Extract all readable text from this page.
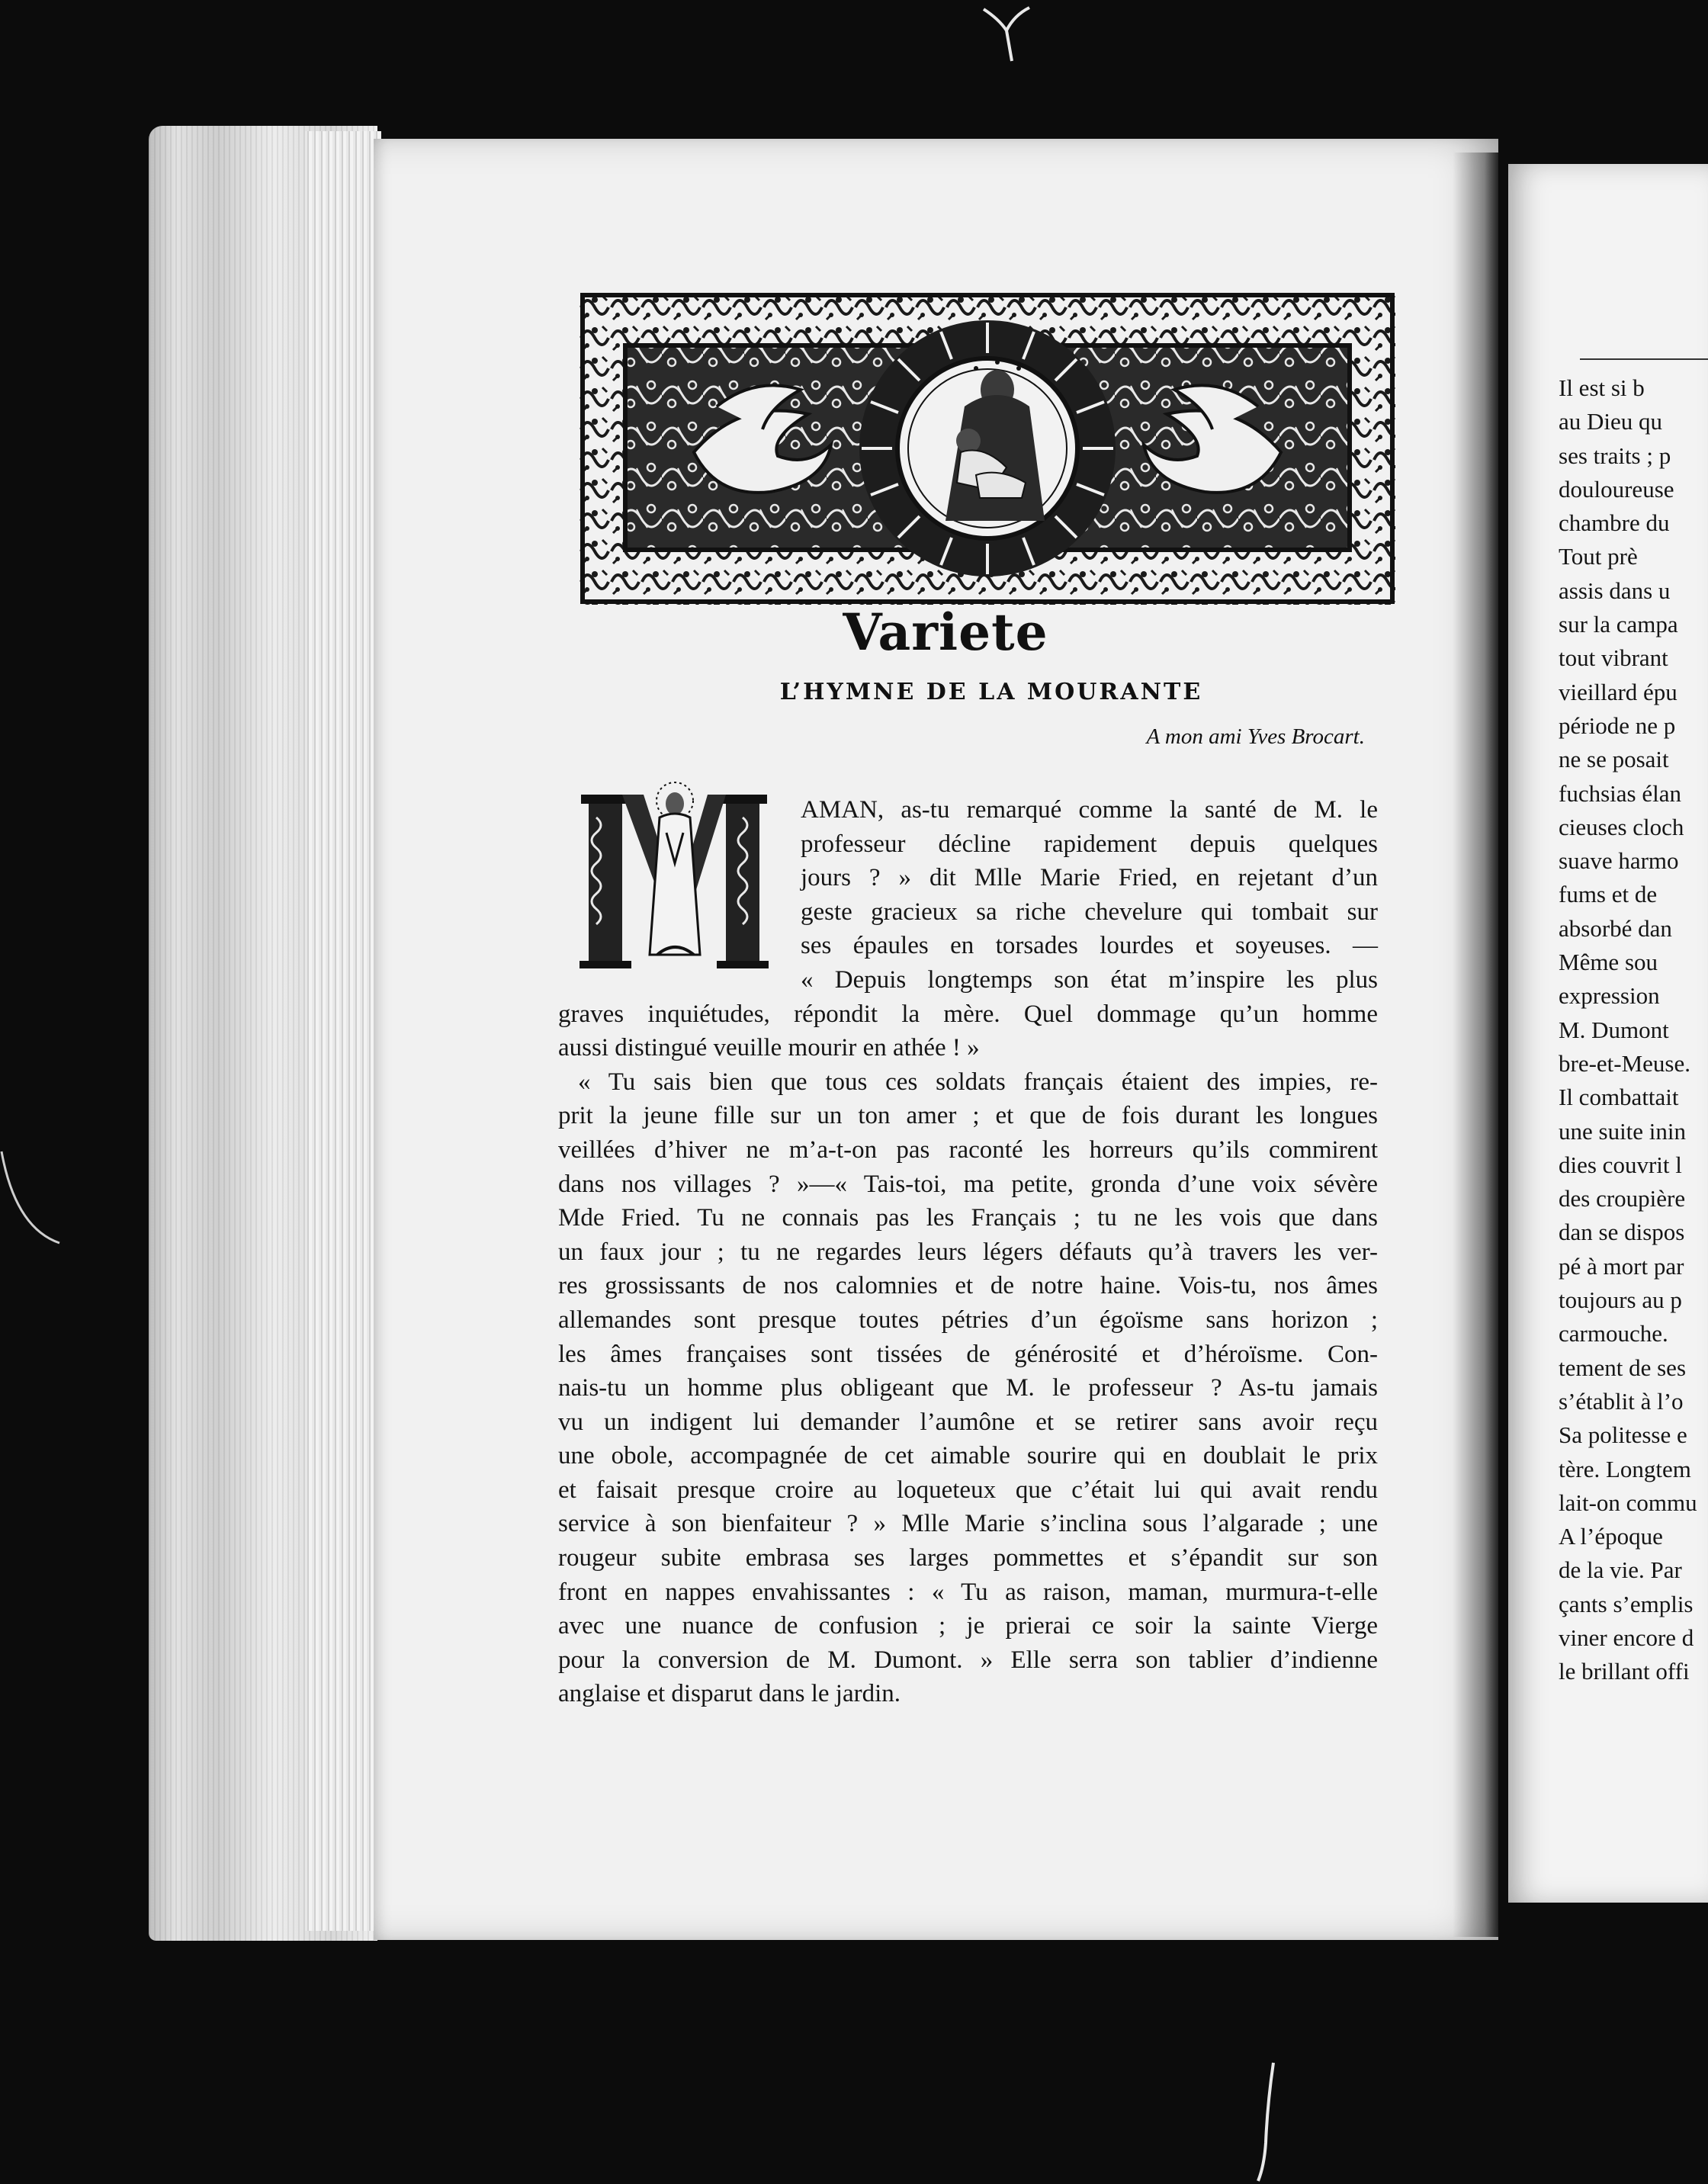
Il est si b
au Dieu qu
ses traits ; p
douloureuse
chambre du
Tout prè
assis dans u
sur la campa
tout vibrant
vieillard épu
période ne p
ne se posait
fuchsias élan
cieuses cloch
suave harmo
fums et de
absorbé dan
Même sou
expression
M. Dumont
bre-et-Meuse.
Il combattait
une suite inin
dies couvrit l
des croupière
dan se dispos
pé à mort par
toujours au p
carmouche.
tement de ses
s’établit à l’o
Sa politesse e
tère. Longtem
lait-on commu
A l’époque
de la vie. Par
çants s’emplis
viner encore d
le brillant offi
Variete
L’HYMNE DE LA MOURANTE
A mon ami Yves Brocart.
AMAN, as-tu remarqué comme la santé de M. le
professeur décline rapidement depuis quelques
jours ? » dit Mlle Marie Fried, en rejetant d’un
geste gracieux sa riche chevelure qui tombait sur
ses épaules en torsades lourdes et soyeuses. —
« Depuis longtemps son état m’inspire les plus
graves inquiétudes, répondit la mère. Quel dommage qu’un homme
aussi distingué veuille mourir en athée ! »
« Tu sais bien que tous ces soldats français étaient des impies, re-
prit la jeune fille sur un ton amer ; et que de fois durant les longues
veillées d’hiver ne m’a-t-on pas raconté les horreurs qu’ils commirent
dans nos villages ? »—« Tais-toi, ma petite, gronda d’une voix sévère
Mde Fried. Tu ne connais pas les Français ; tu ne les vois que dans
un faux jour ; tu ne regardes leurs légers défauts qu’à travers les ver-
res grossissants de nos calomnies et de notre haine. Vois-tu, nos âmes
allemandes sont presque toutes pétries d’un égoïsme sans horizon ;
les âmes françaises sont tissées de générosité et d’héroïsme. Con-
nais-tu un homme plus obligeant que M. le professeur ? As-tu jamais
vu un indigent lui demander l’aumône et se retirer sans avoir reçu
une obole, accompagnée de cet aimable sourire qui en doublait le prix
et faisait presque croire au loqueteux que c’était lui qui avait rendu
service à son bienfaiteur ? » Mlle Marie s’inclina sous l’algarade ; une
rougeur subite embrasa ses larges pommettes et s’épandit sur son
front en nappes envahissantes : « Tu as raison, maman, murmura-t-elle
avec une nuance de confusion ; je prierai ce soir la sainte Vierge
pour la conversion de M. Dumont. » Elle serra son tablier d’indienne
anglaise et disparut dans le jardin.
